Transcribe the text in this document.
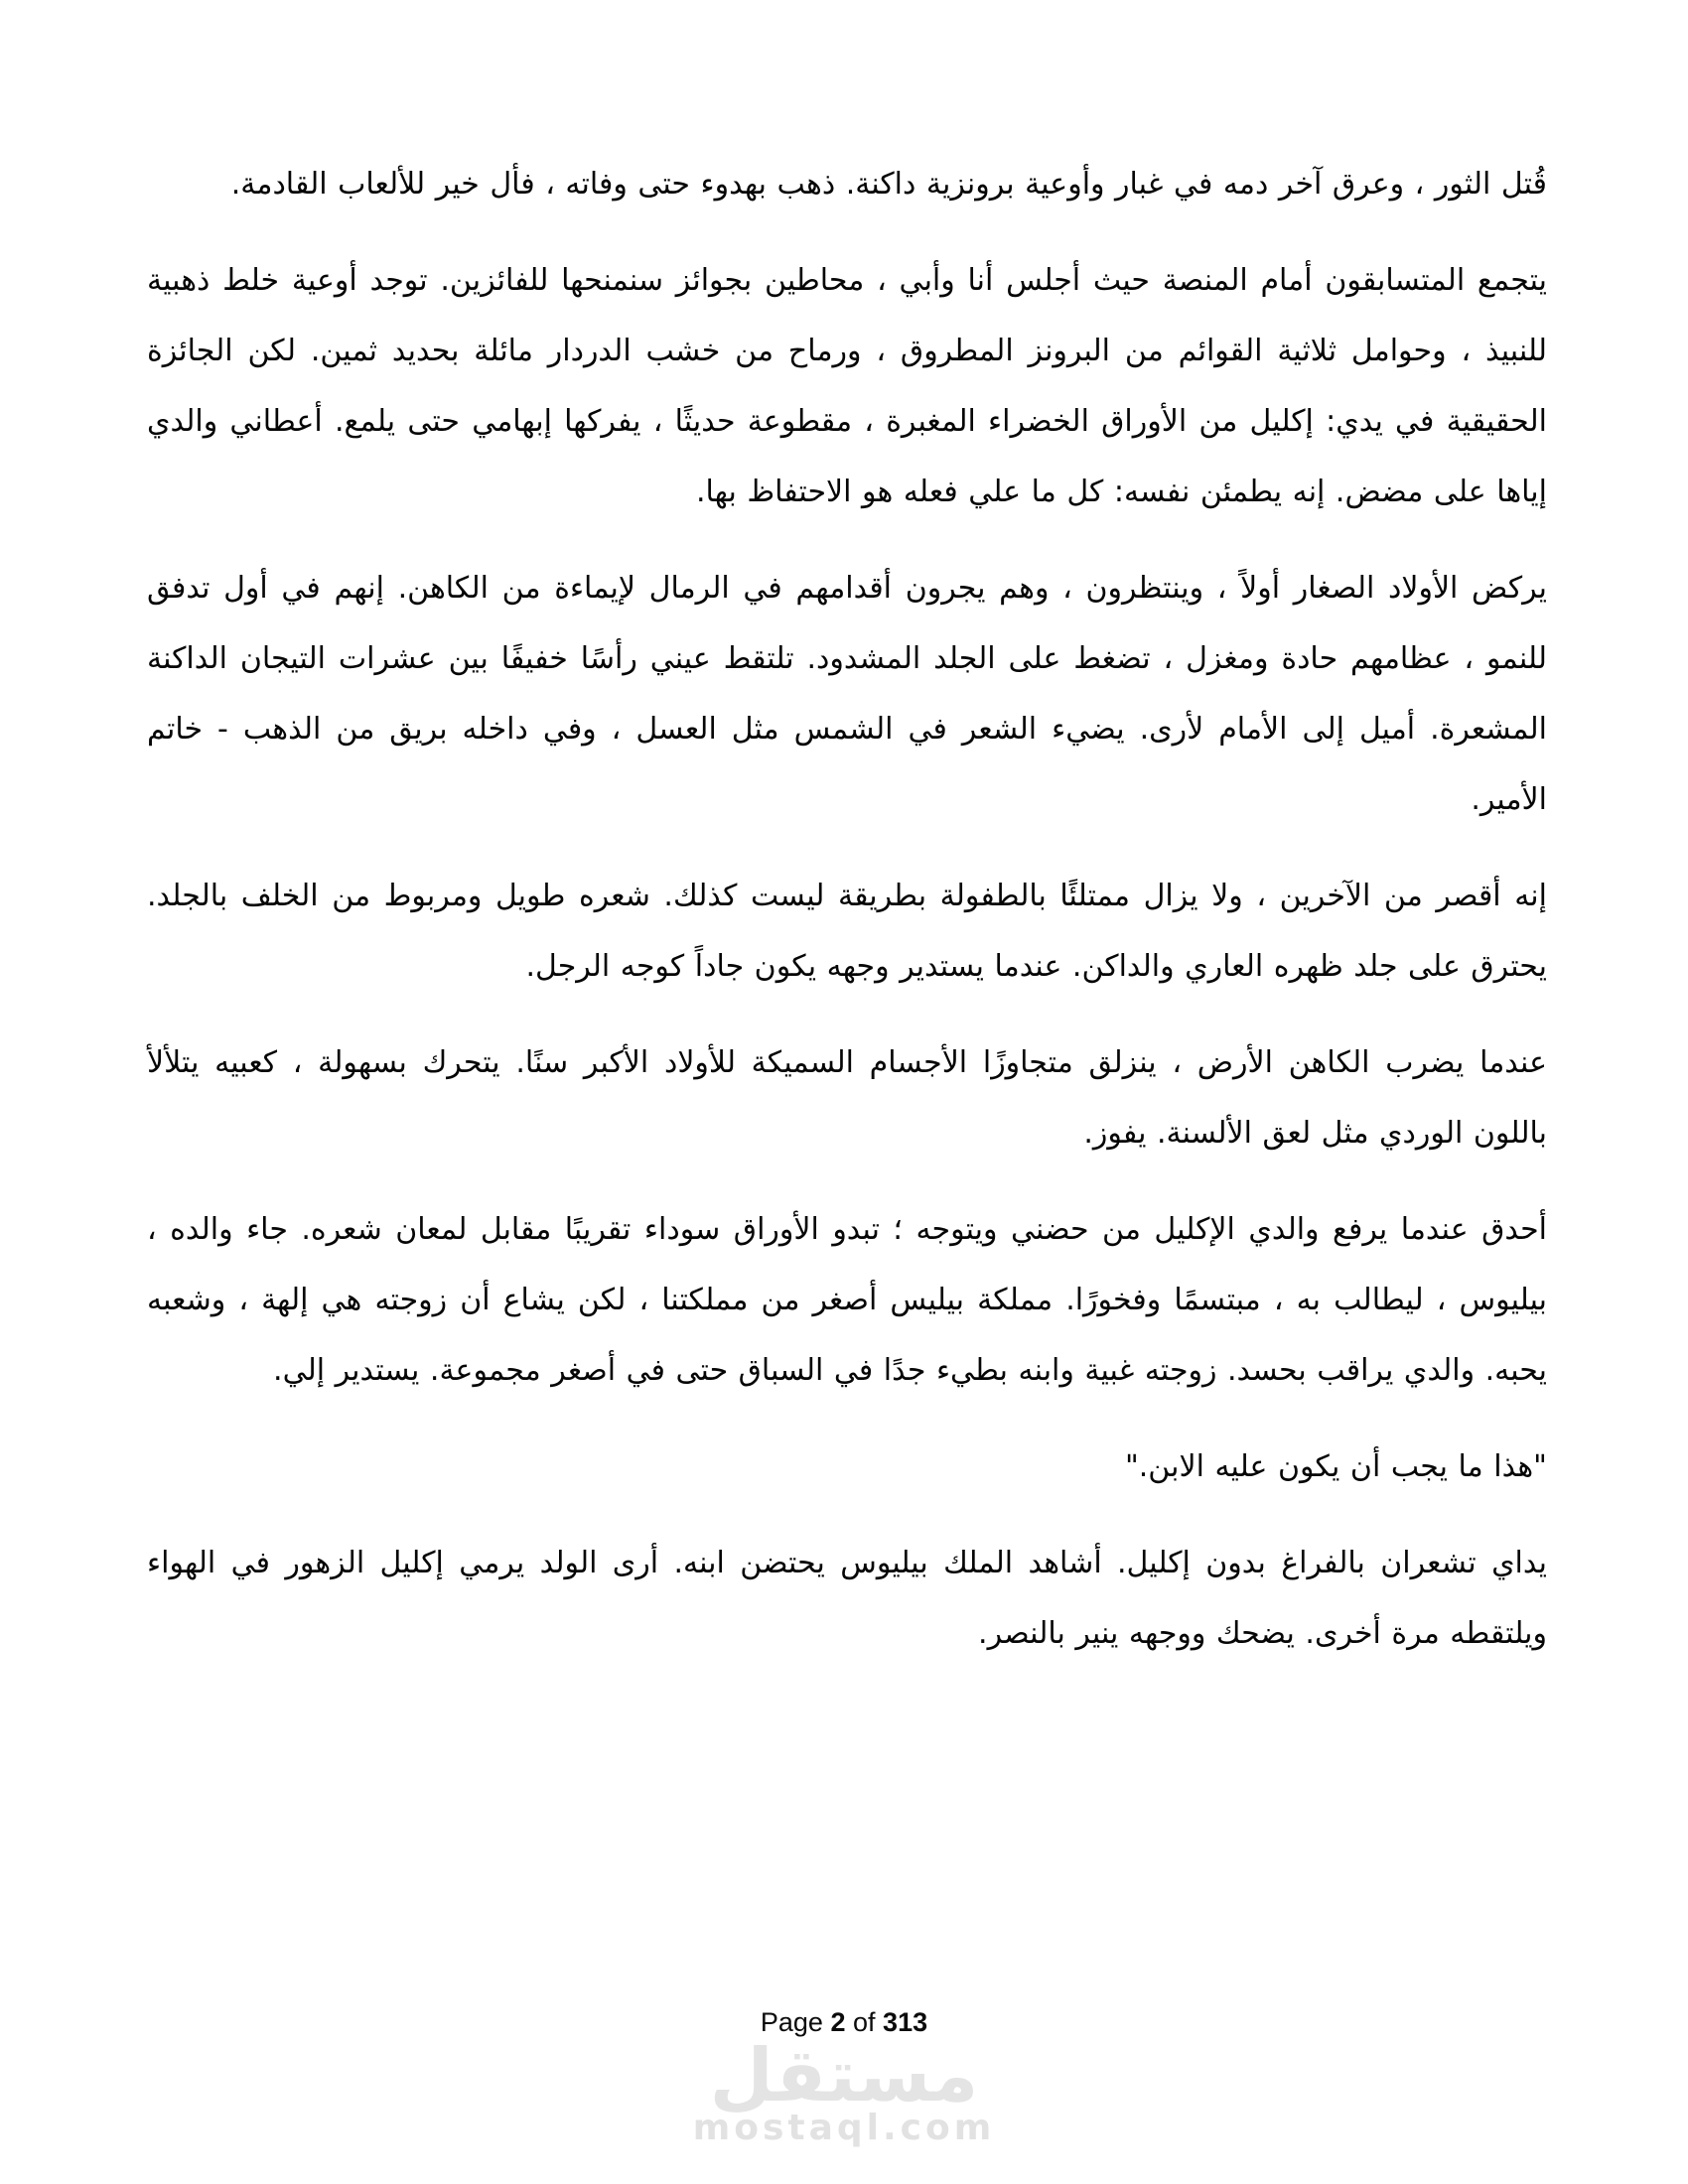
قُتل الثور ، وعرق آخر دمه في غبار وأوعية برونزية داكنة. ذهب بهدوء حتى وفاته ، فأل خير للألعاب القادمة.

يتجمع المتسابقون أمام المنصة حيث أجلس أنا وأبي ، محاطين بجوائز سنمنحها للفائزين. توجد أوعية خلط ذهبية للنبيذ ، وحوامل ثلاثية القوائم من البرونز المطروق ، ورماح من خشب الدردار مائلة بحديد ثمين. لكن الجائزة الحقيقية في يدي: إكليل من الأوراق الخضراء المغبرة ، مقطوعة حديثًا ، يفركها إبهامي حتى يلمع. أعطاني والدي إياها على مضض. إنه يطمئن نفسه: كل ما علي فعله هو الاحتفاظ بها.

يركض الأولاد الصغار أولاً ، وينتظرون ، وهم يجرون أقدامهم في الرمال لإيماءة من الكاهن. إنهم في أول تدفق للنمو ، عظامهم حادة ومغزل ، تضغط على الجلد المشدود. تلتقط عيني رأسًا خفيفًا بين عشرات التيجان الداكنة المشعرة. أميل إلى الأمام لأرى. يضيء الشعر في الشمس مثل العسل ، وفي داخله بريق من الذهب - خاتم الأمير.

إنه أقصر من الآخرين ، ولا يزال ممتلئًا بالطفولة بطريقة ليست كذلك. شعره طويل ومربوط من الخلف بالجلد. يحترق على جلد ظهره العاري والداكن. عندما يستدير وجهه يكون جاداً كوجه الرجل.

عندما يضرب الكاهن الأرض ، ينزلق متجاوزًا الأجسام السميكة للأولاد الأكبر سنًا. يتحرك بسهولة ، كعبيه يتلألأ باللون الوردي مثل لعق الألسنة. يفوز.

أحدق عندما يرفع والدي الإكليل من حضني ويتوجه ؛ تبدو الأوراق سوداء تقريبًا مقابل لمعان شعره. جاء والده ، بيليوس ، ليطالب به ، مبتسمًا وفخورًا. مملكة بيليس أصغر من مملكتنا ، لكن يشاع أن زوجته هي إلهة ، وشعبه يحبه. والدي يراقب بحسد. زوجته غبية وابنه بطيء جدًا في السباق حتى في أصغر مجموعة. يستدير إلي.

"هذا ما يجب أن يكون عليه الابن."

يداي تشعران بالفراغ بدون إكليل. أشاهد الملك بيليوس يحتضن ابنه. أرى الولد يرمي إكليل الزهور في الهواء ويلتقطه مرة أخرى. يضحك ووجهه ينير بالنصر.

Page 2 of 313
مستقل
mostaql.com
